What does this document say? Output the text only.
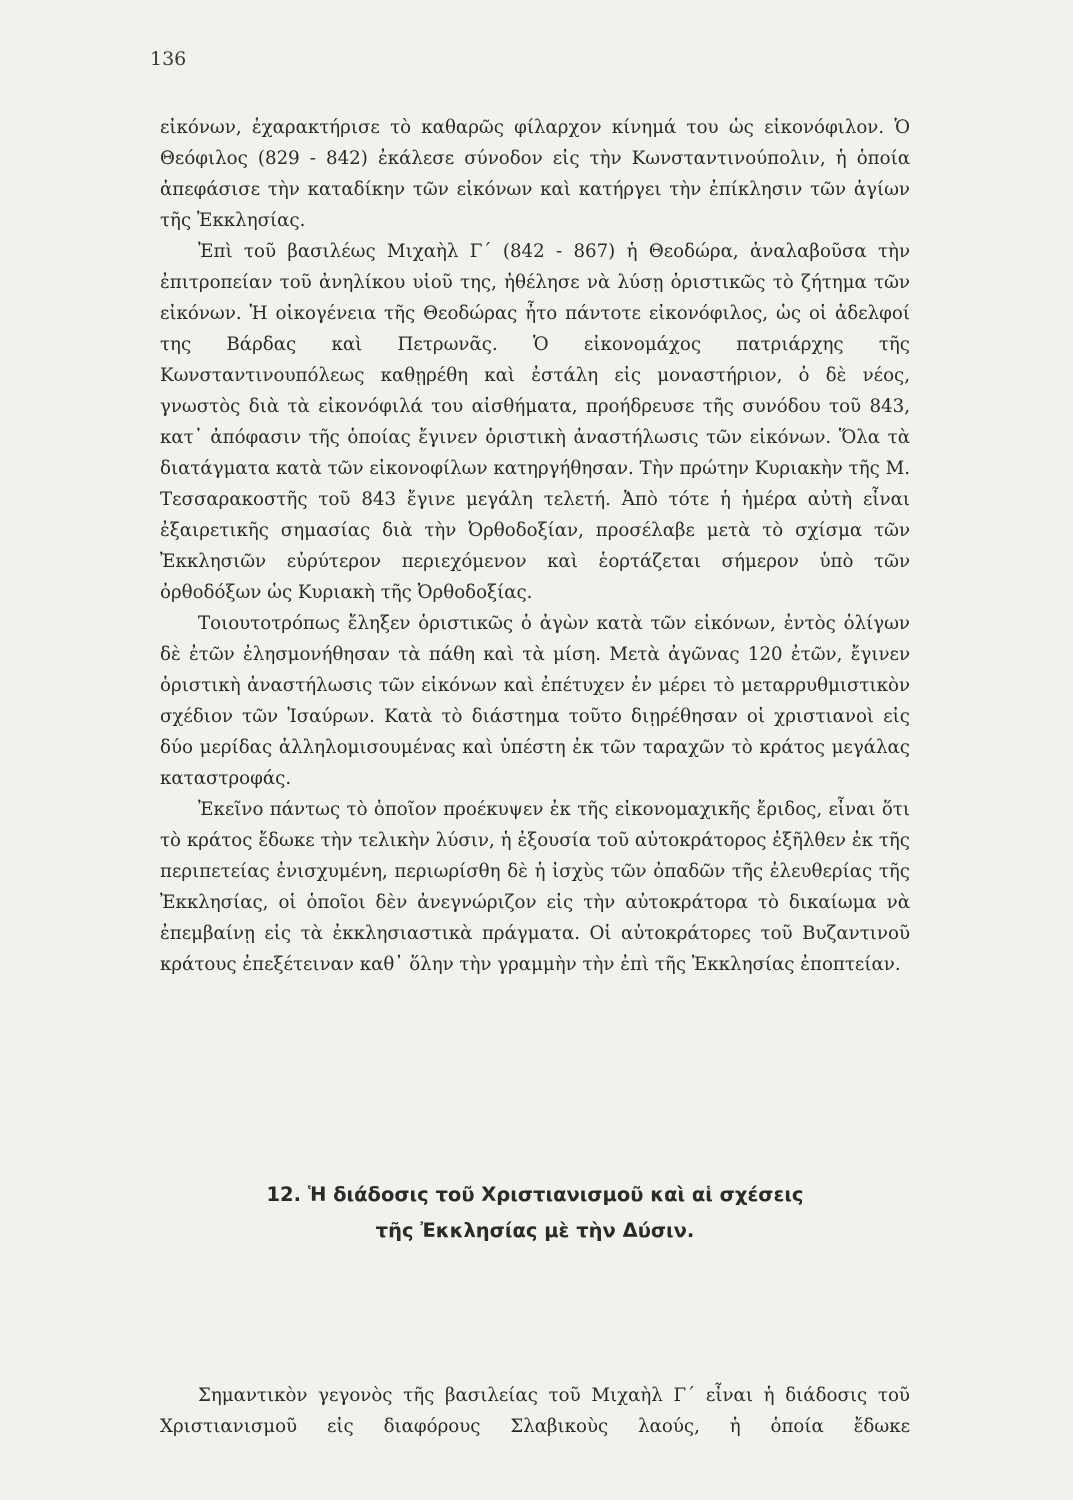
136

εἰκόνων, ἐχαρακτήρισε τὸ καθαρῶς φίλαρχον κίνημά του ὡς εἰκονόφιλον. Ὁ Θεόφιλος (829 - 842) ἐκάλεσε σύνοδον εἰς τὴν Κωνσταντινούπολιν, ἡ ὁποία ἀπεφάσισε τὴν καταδίκην τῶν εἰκόνων καὶ κατήργει τὴν ἐπίκλησιν τῶν ἁγίων τῆς Ἐκκλησίας.

Ἐπὶ τοῦ βασιλέως Μιχαὴλ Γ΄ (842 - 867) ἡ Θεοδώρα, ἀναλαβοῦσα τὴν ἐπιτροπείαν τοῦ ἀνηλίκου υἱοῦ της, ἠθέλησε νὰ λύσῃ ὁριστικῶς τὸ ζήτημα τῶν εἰκόνων. Ἡ οἰκογένεια τῆς Θεοδώρας ἦτο πάντοτε εἰκονόφιλος, ὡς οἱ ἀδελφοί της Βάρδας καὶ Πετρωνᾶς. Ὁ εἰκονομάχος πατριάρχης τῆς Κωνσταντινουπόλεως καθῃρέθη καὶ ἐστάλη εἰς μοναστήριον, ὁ δὲ νέος, γνωστὸς διὰ τὰ εἰκονόφιλά του αἰσθήματα, προήδρευσε τῆς συνόδου τοῦ 843, κατ᾽ ἀπόφασιν τῆς ὁποίας ἔγινεν ὁριστικὴ ἀναστήλωσις τῶν εἰκόνων. Ὅλα τὰ διατάγματα κατὰ τῶν εἰκονοφίλων κατηργήθησαν. Τὴν πρώτην Κυριακὴν τῆς Μ. Τεσσαρακοστῆς τοῦ 843 ἔγινε μεγάλη τελετή. Ἀπὸ τότε ἡ ἡμέρα αὐτὴ εἶναι ἐξαιρετικῆς σημασίας διὰ τὴν Ὀρθοδοξίαν, προσέλαβε μετὰ τὸ σχίσμα τῶν Ἐκκλησιῶν εὐρύτερον περιεχόμενον καὶ ἑορτάζεται σήμερον ὑπὸ τῶν ὀρθοδόξων ὡς Κυριακὴ τῆς Ὀρθοδοξίας.

Τοιουτοτρόπως ἔληξεν ὁριστικῶς ὁ ἀγὼν κατὰ τῶν εἰκόνων, ἐντὸς ὀλίγων δὲ ἐτῶν ἐλησμονήθησαν τὰ πάθη καὶ τὰ μίση. Μετὰ ἀγῶνας 120 ἐτῶν, ἔγινεν ὁριστικὴ ἀναστήλωσις τῶν εἰκόνων καὶ ἐπέτυχεν ἐν μέρει τὸ μεταρρυθμιστικὸν σχέδιον τῶν Ἰσαύρων. Κατὰ τὸ διάστημα τοῦτο διῃρέθησαν οἱ χριστιανοὶ εἰς δύο μερίδας ἀλληλομισουμένας καὶ ὑπέστη ἐκ τῶν ταραχῶν τὸ κράτος μεγάλας καταστροφάς.

Ἐκεῖνο πάντως τὸ ὁποῖον προέκυψεν ἐκ τῆς εἰκονομαχικῆς ἔριδος, εἶναι ὅτι τὸ κράτος ἔδωκε τὴν τελικὴν λύσιν, ἡ ἐξουσία τοῦ αὐτοκράτορος ἐξῆλθεν ἐκ τῆς περιπετείας ἐνισχυμένη, περιωρίσθη δὲ ἡ ἰσχὺς τῶν ὀπαδῶν τῆς ἐλευθερίας τῆς Ἐκκλησίας, οἱ ὁποῖοι δὲν ἀνεγνώριζον εἰς τὴν αὐτοκράτορα τὸ δικαίωμα νὰ ἐπεμβαίνῃ εἰς τὰ ἐκκλησιαστικὰ πράγματα. Οἱ αὐτοκράτορες τοῦ Βυζαντινοῦ κράτους ἐπεξέτειναν καθ᾽ ὅλην τὴν γραμμὴν τὴν ἐπὶ τῆς Ἐκκλησίας ἐποπτείαν.

12. Ἡ διάδοσις τοῦ Χριστιανισμοῦ καὶ αἱ σχέσεις
τῆς Ἐκκλησίας μὲ τὴν Δύσιν.

Σημαντικὸν γεγονὸς τῆς βασιλείας τοῦ Μιχαὴλ Γ΄ εἶναι ἡ διάδοσις τοῦ Χριστιανισμοῦ εἰς διαφόρους Σλαβικοὺς λαούς, ἡ ὁποία ἔδωκε
